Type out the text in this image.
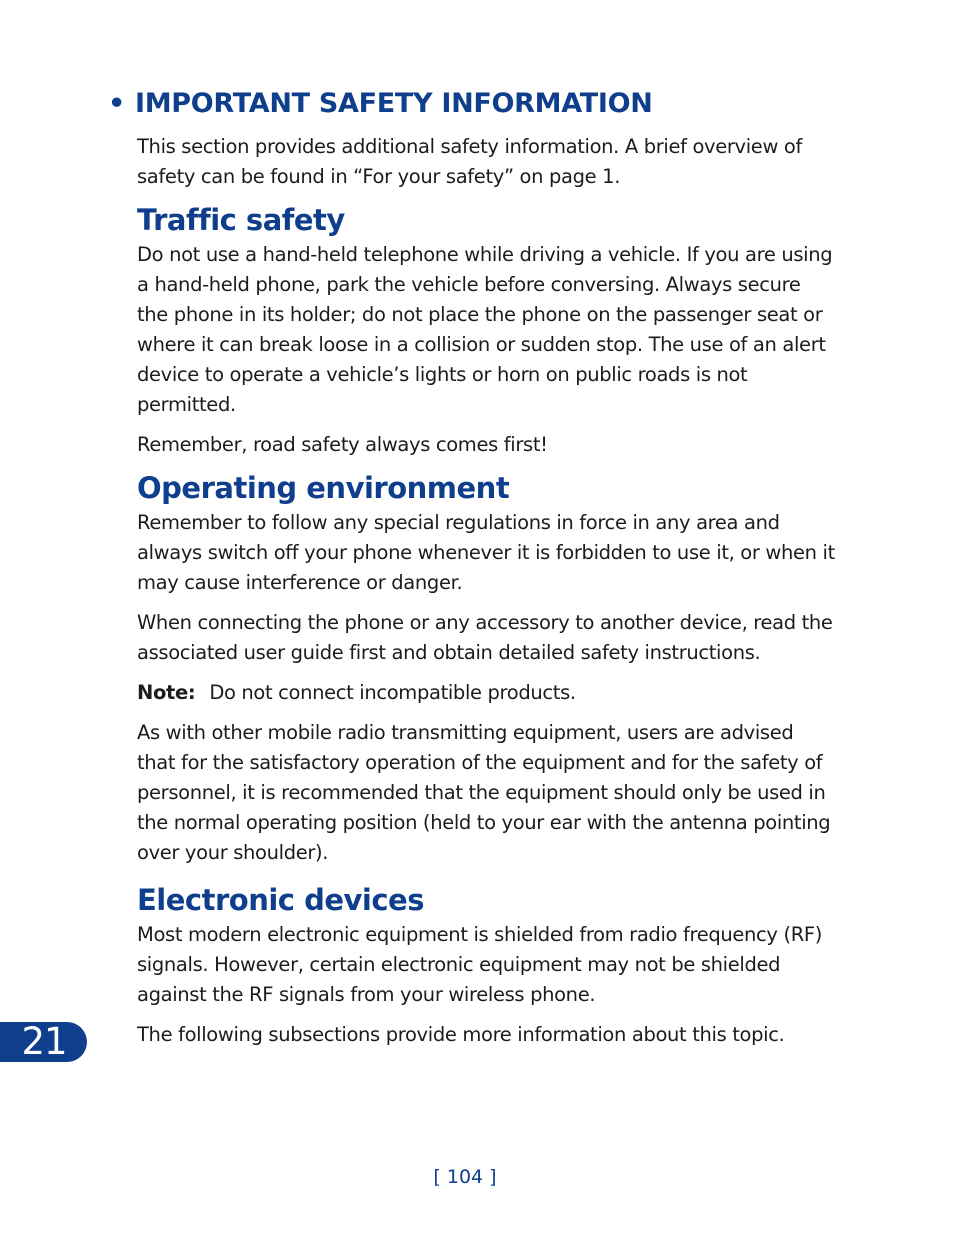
• IMPORTANT SAFETY INFORMATION

This section provides additional safety information. A brief overview of safety can be found in “For your safety” on page 1.

Traffic safety

Do not use a hand-held telephone while driving a vehicle. If you are using a hand-held phone, park the vehicle before conversing. Always secure the phone in its holder; do not place the phone on the passenger seat or where it can break loose in a collision or sudden stop. The use of an alert device to operate a vehicle’s lights or horn on public roads is not permitted.

Remember, road safety always comes first!

Operating environment

Remember to follow any special regulations in force in any area and always switch off your phone whenever it is forbidden to use it, or when it may cause interference or danger.

When connecting the phone or any accessory to another device, read the associated user guide first and obtain detailed safety instructions.

Note: Do not connect incompatible products.

As with other mobile radio transmitting equipment, users are advised that for the satisfactory operation of the equipment and for the safety of personnel, it is recommended that the equipment should only be used in the normal operating position (held to your ear with the antenna pointing over your shoulder).

Electronic devices

Most modern electronic equipment is shielded from radio frequency (RF) signals. However, certain electronic equipment may not be shielded against the RF signals from your wireless phone.

The following subsections provide more information about this topic.

21
[ 104 ]
